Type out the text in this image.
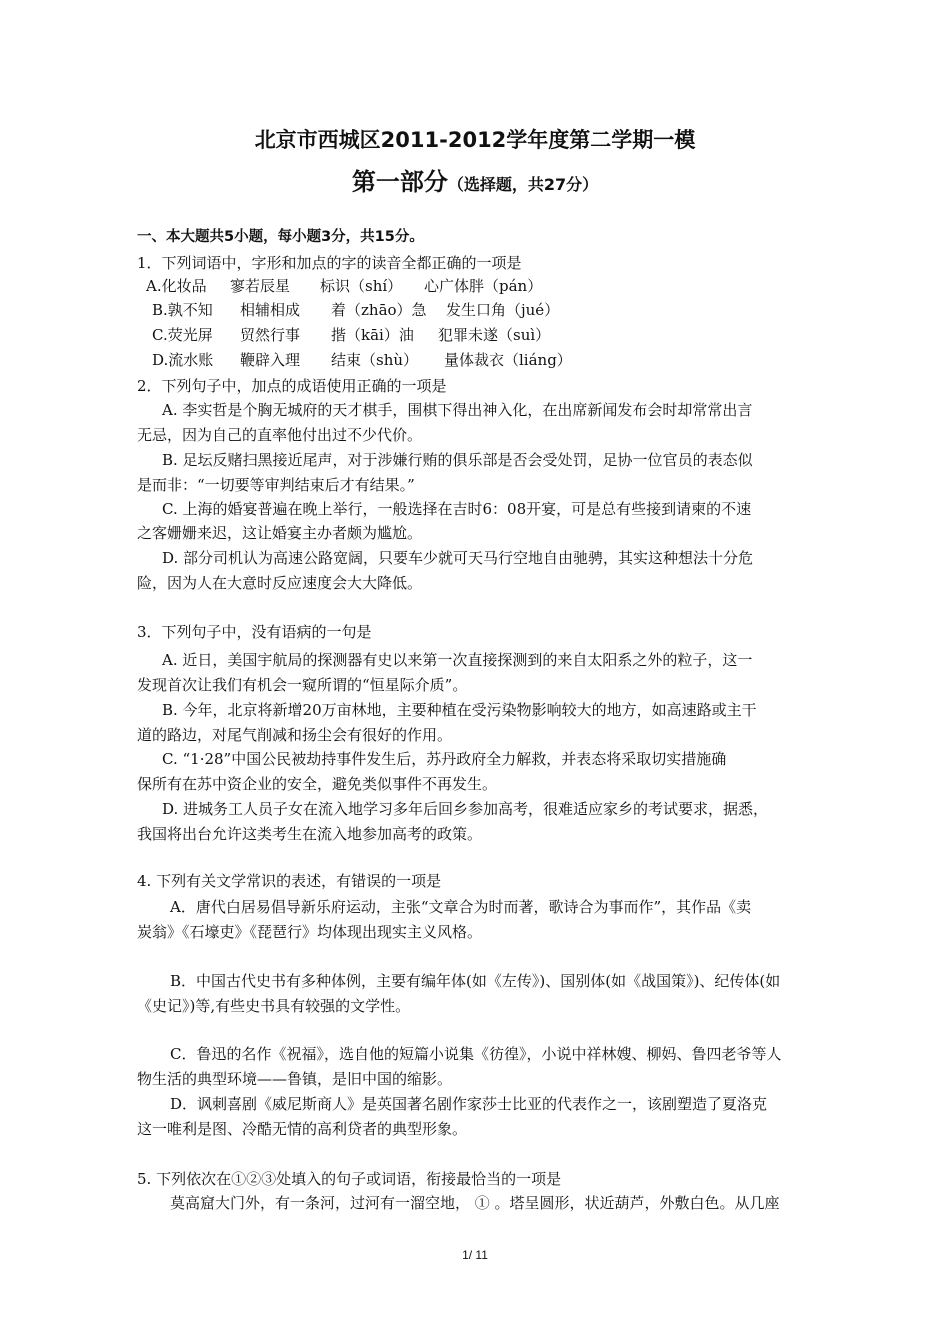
北京市西城区2011-2012学年度第二学期一模
第一部分（选择题，共27分）
一、本大题共5小题，每小题3分，共15分。
1．下列词语中，字形和加点的字的读音全都正确的一项是
A.化妆品 寥若辰星 标识（shí） 心广体胖（pán）
B.孰不知 相辅相成 着（zhāo）急 发生口角（jué）
C.荧光屏 贸然行事 揩（kāi）油 犯罪未遂（suì）
D.流水账 鞭辟入理 结束（shù） 量体裁衣（liáng）
2．下列句子中，加点的成语使用正确的一项是
A. 李实哲是个胸无城府的天才棋手，围棋下得出神入化，在出席新闻发布会时却常常出言
无忌，因为自己的直率他付出过不少代价。
B. 足坛反赌扫黑接近尾声，对于涉嫌行贿的俱乐部是否会受处罚，足协一位官员的表态似
是而非：“一切要等审判结束后才有结果。”
C. 上海的婚宴普遍在晚上举行，一般选择在吉时6：08开宴，可是总有些接到请柬的不速
之客姗姗来迟，这让婚宴主办者颇为尴尬。
D. 部分司机认为高速公路宽阔，只要车少就可天马行空地自由驰骋，其实这种想法十分危
险，因为人在大意时反应速度会大大降低。
3．下列句子中，没有语病的一句是
A. 近日，美国宇航局的探测器有史以来第一次直接探测到的来自太阳系之外的粒子，这一
发现首次让我们有机会一窥所谓的“恒星际介质”。
B. 今年，北京将新增20万亩林地，主要种植在受污染物影响较大的地方，如高速路或主干
道的路边，对尾气削减和扬尘会有很好的作用。
C. “1·28”中国公民被劫持事件发生后，苏丹政府全力解救，并表态将采取切实措施确
保所有在苏中资企业的安全，避免类似事件不再发生。
D. 进城务工人员子女在流入地学习多年后回乡参加高考，很难适应家乡的考试要求，据悉，
我国将出台允许这类考生在流入地参加高考的政策。
4. 下列有关文学常识的表述，有错误的一项是
A．唐代白居易倡导新乐府运动，主张“文章合为时而著，歌诗合为事而作”，其作品《卖
炭翁》《石壕吏》《琵琶行》均体现出现实主义风格。
B．中国古代史书有多种体例，主要有编年体(如《左传》)、国别体(如《战国策》)、纪传体(如
《史记》)等,有些史书具有较强的文学性。
C．鲁迅的名作《祝福》，选自他的短篇小说集《彷徨》，小说中祥林嫂、柳妈、鲁四老爷等人
物生活的典型环境——鲁镇，是旧中国的缩影。
D．讽刺喜剧《威尼斯商人》是英国著名剧作家莎士比亚的代表作之一，该剧塑造了夏洛克
这一唯利是图、冷酷无情的高利贷者的典型形象。
5. 下列依次在①②③处填入的句子或词语，衔接最恰当的一项是
莫高窟大门外，有一条河，过河有一溜空地， ① 。塔呈圆形，状近葫芦，外敷白色。从几座
1/ 11
